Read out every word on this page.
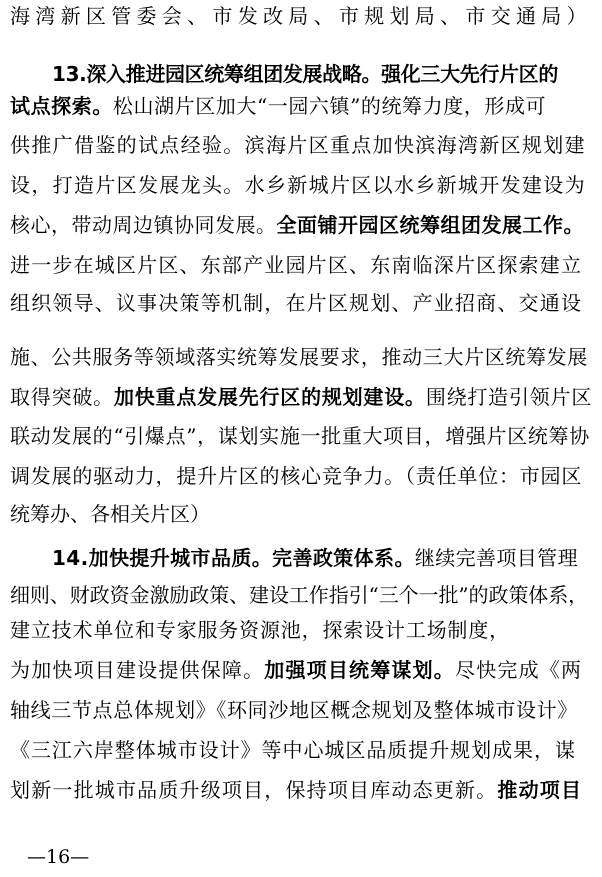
海湾新区管委会、市发改局、市规划局、市交通局）
13.深入推进园区统筹组团发展战略。强化三大先行片区的
试点探索。松山湖片区加大“一园六镇”的统筹力度，形成可
供推广借鉴的试点经验。滨海片区重点加快滨海湾新区规划建
设，打造片区发展龙头。水乡新城片区以水乡新城开发建设为
核心，带动周边镇协同发展。全面铺开园区统筹组团发展工作。
进一步在城区片区、东部产业园片区、东南临深片区探索建立
组织领导、议事决策等机制，在片区规划、产业招商、交通设
施、公共服务等领域落实统筹发展要求，推动三大片区统筹发展
取得突破。加快重点发展先行区的规划建设。围绕打造引领片区
联动发展的“引爆点”，谋划实施一批重大项目，增强片区统筹协
调发展的驱动力，提升片区的核心竞争力。（责任单位：市园区
统筹办、各相关片区）
14.加快提升城市品质。完善政策体系。继续完善项目管理
细则、财政资金激励政策、建设工作指引“三个一批”的政策体系，
建立技术单位和专家服务资源池，探索设计工场制度，
为加快项目建设提供保障。加强项目统筹谋划。尽快完成《两
轴线三节点总体规划》《环同沙地区概念规划及整体城市设计》
《三江六岸整体城市设计》等中心城区品质提升规划成果，谋
划新一批城市品质升级项目，保持项目库动态更新。推动项目
—16—
